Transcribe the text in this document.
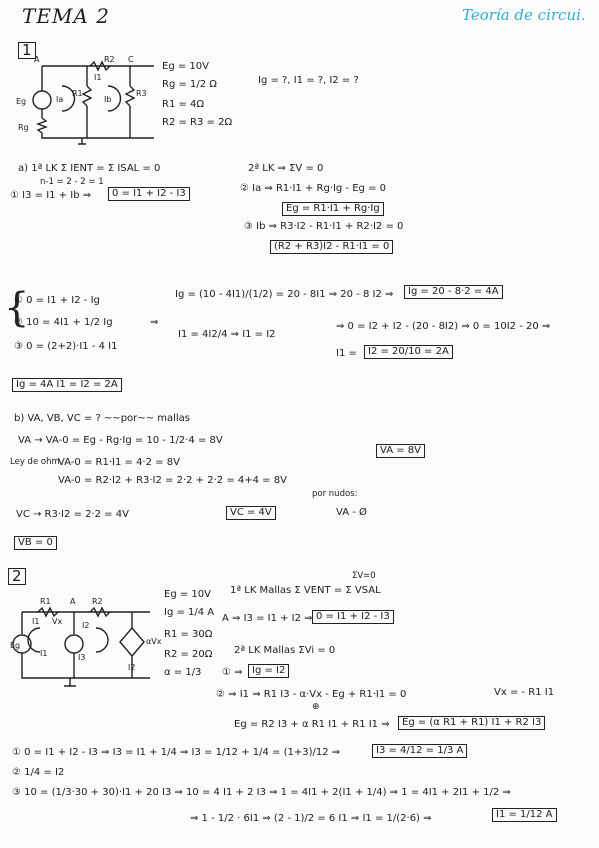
TEMA 2	Teoría de circui.
1
A	R2 C
Eg
Rg
R1	R3
I1
Ia	Ib
Eg = 10V
Rg = 1/2 Ω
R1 = 4Ω
R2 = R3 = 2Ω
Ig = ?, I1 = ?, I2 = ?
a) 1ª LK Σ IENT = Σ ISAL = 0
n-1 = 2 - 2 = 1
① I3 = I1 + Ib ⇒	0 = I1 + I2 - I3
2ª LK ⇒ ΣV = 0
② Ia ⇒ R1·I1 + Rg·Ig - Eg = 0
Eg = R1·I1 + Rg·Ig
③ Ib ⇒ R3·I2 - R1·I1 + R2·I2 = 0
(R2 + R3)I2 - R1·I1 = 0
{
① 0 = I1 + I2 - Ig
② 10 = 4I1 + 1/2 Ig
③ 0 = (2+2)·I1 - 4 I1
⇒
Ig = (10 - 4I1)/(1/2) = 20 - 8I1 ⇒ 20 - 8 I2 ⇒	Ig = 20 - 8·2 = 4A
I1 = 4I2/4 ⇒ I1 = I2
⇒ 0 = I2 + I2 - (20 - 8I2) ⇒ 0 = 10I2 - 20 ⇒
I1 =	I2 = 20/10 = 2A
Ig = 4A I1 = I2 = 2A
b) VA, VB, VC = ? ~~por~~ mallas
VA → VA-0 = Eg - Rg·Ig = 10 - 1/2·4 = 8V
Ley de ohm
VA-0 = R1·I1 = 4·2 = 8V
VA-0 = R2·I2 + R3·I2 = 2·2 + 2·2 = 4+4 = 8V
VA = 8V
VC → R3·I2 = 2·2 = 4V	VC = 4V
por nudos:
VA - Ø
VB = 0
2
R1	R2
A
I1 Vx I2
Eg
I1	I3
αVx
I2
Eg = 10V
Ig = 1/4 A
R1 = 30Ω
R2 = 20Ω
α = 1/3
ΣV=0
1ª LK Mallas Σ VENT = Σ VSAL
A ⇒ I3 = I1 + I2 ⇒ 0 = I1 + I2 - I3
2ª LK Mallas ΣVi = 0
① ⇒ Ig = I2
② ⇒ I1 ⇒ R1 I3 - α·Vx - Eg + R1·I1 = 0	Vx = - R1 I1
⊕
Eg = R2 I3 + α R1 I1 + R1 I1 ⇒	Eg = (α R1 + R1) I1 + R2 I3
① 0 = I1 + I2 - I3 ⇒ I3 = I1 + 1/4 ⇒ I3 = 1/12 + 1/4 = (1+3)/12 ⇒	I3 = 4/12 = 1/3 A
② 1/4 = I2
③ 10 = (1/3·30 + 30)·I1 + 20 I3 ⇒ 10 = 4 I1 + 2 I3 ⇒ 1 = 4I1 + 2(I1 + 1/4) ⇒ 1 = 4I1 + 2I1 + 1/2 ⇒
⇒ 1 - 1/2 · 6I1 ⇒ (2 - 1)/2 = 6 I1 ⇒ I1 = 1/(2·6) ⇒	I1 = 1/12 A
